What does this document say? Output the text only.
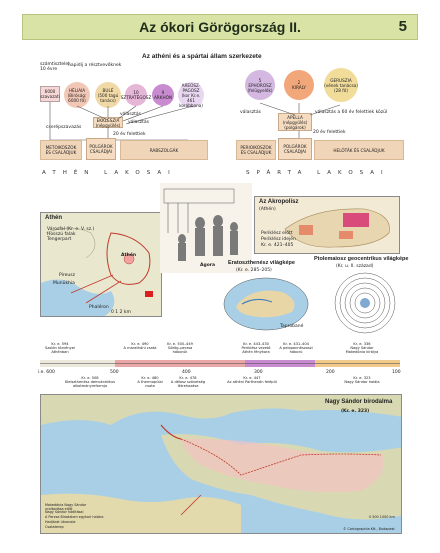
Az ókori Görögország II.	5
Az athéni és a spártai állam szerkezete
számtisztelet
10 évre
napidíj a résztvevőknek
6000
szavazati
HÉLIAIA
(Bíróság:
6000 fő)
BULÉ
(500 tagú
tanács)
10
SZTRATÉGOSZ
9
ARKHÓN
AREOSZ-
PAGOSZ
(kor Kr.e. 461
korábbana)
EKKLÉSZIA
(népgyűlés)
választás
választás
cserépszavazás
20 év felettiek
METOIKOSZOK
ÉS CSALÁDJUK
POLGÁROK
CSALÁDJAI	RABSZOLGÁK
ATHÉN LAKOSAI
5
EPHOROSZ
(felügyelők)
2
KIRÁLY
GERUSZIA
(vének tanácsa)
(28 fő)
választás	választás a 60 év felettiek közül
APELLA
(népgyűlés)
(polgárok)
20 év felettiek
PERIOIKOSZOK
ÉS CSALÁDJUK
POLGÁROK
CSALÁDJAI	HELÓTÁK ÉS CSALÁDJUK
SPÁRTA LAKOSAI
Athén
Városfal (Kr. e. V. sz.)
Hosszú falak
Tengerpart
Athén
Pireusz
Munükhia
Phaléron
0 1 2 km
Agora
Az Akropolisz
(Athén)
Periklész előtt
Periklész idején
Kr. e. 421–405
Eratoszthenész világképe
(Kr. e. 285–205)
Taprobané
Ptolemaiosz geocentrikus világképe
(Kr. u. II. század)
Kr. e. 594
Szolón törvényei Athénban
Kr. e. 490
A marathóni csata
Kr. e. 500–449
Görög–perzsa háborúk
Kr. e. 443–430
Periklész vezető
Athén fénykora
Kr. e. 431–404
A peloponnészoszi háború
Kr. e. 336
Nagy Sándor
Makedónia királya
i.e. 600	500	400	300	200	100
Kr. e. 508
Kleiszthenész demokratikus alkotmányreformja
Kr. e. 480
A thermopülai
csata
Kr. e. 478
A délosz szövetség
létrehozása
Kr. e. 447
Az athéni Parthenón felépül
Kr. e. 323
Nagy Sándor halála
Nagy Sándor birodalma
(Kr. e. 323)
Makedónia Nagy Sándor
uralkodása előtt
Nagy Sándor hódításai
A Perzsa Birodalom egykori határa
Hadjárat útvonala
Csataterep
0 500 1000 km
© Cartographia Kft., Budapest
